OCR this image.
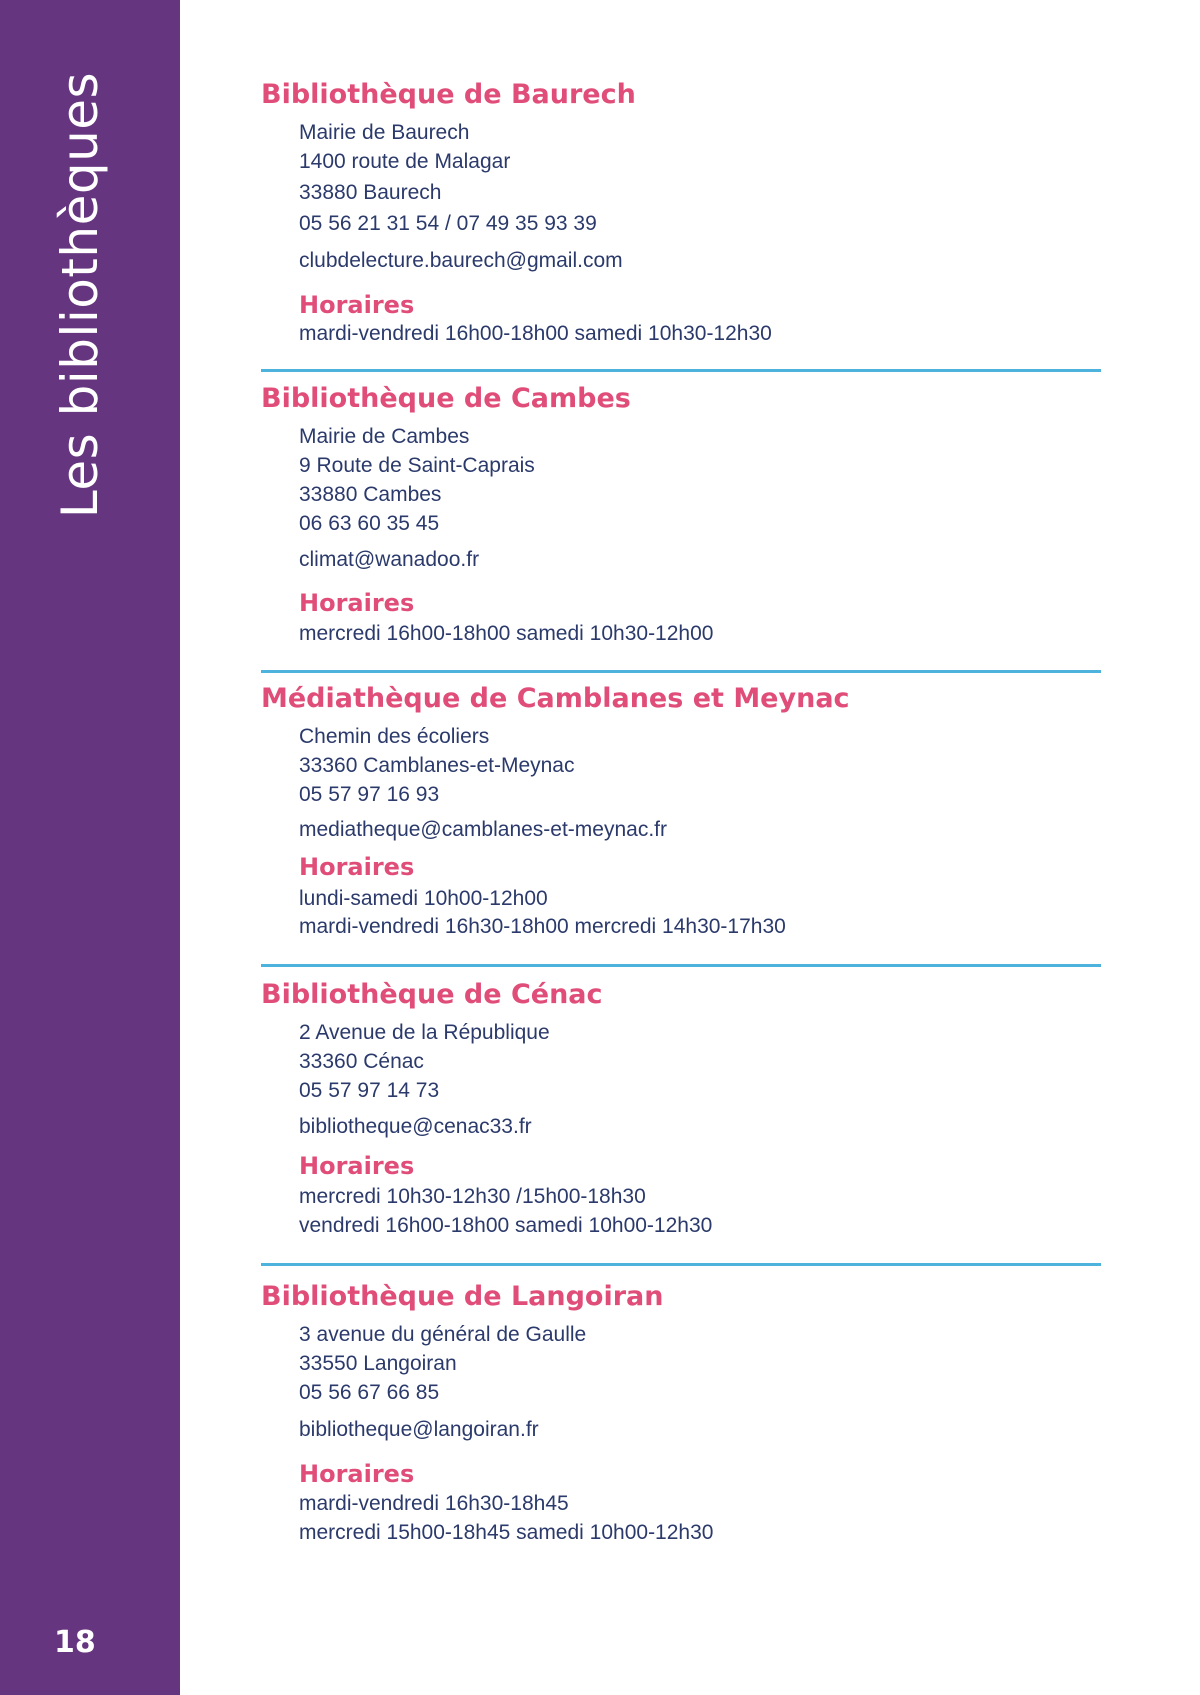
Les bibliothèques
18
Bibliothèque de Baurech
Mairie de Baurech
1400 route de Malagar
33880 Baurech
05 56 21 31 54 / 07 49 35 93 39
clubdelecture.baurech@gmail.com
Horaires
mardi-vendredi 16h00-18h00 samedi 10h30-12h30
Bibliothèque de Cambes
Mairie de Cambes
9 Route de Saint-Caprais
33880 Cambes
06 63 60 35 45
climat@wanadoo.fr
Horaires
mercredi 16h00-18h00 samedi 10h30-12h00
Médiathèque de Camblanes et Meynac
Chemin des écoliers
33360 Camblanes-et-Meynac
05 57 97 16 93
mediatheque@camblanes-et-meynac.fr
Horaires
lundi-samedi 10h00-12h00
mardi-vendredi 16h30-18h00 mercredi 14h30-17h30
Bibliothèque de Cénac
2 Avenue de la République
33360 Cénac
05 57 97 14 73
bibliotheque@cenac33.fr
Horaires
mercredi 10h30-12h30 /15h00-18h30
vendredi 16h00-18h00 samedi 10h00-12h30
Bibliothèque de Langoiran
3 avenue du général de Gaulle
33550 Langoiran
05 56 67 66 85
bibliotheque@langoiran.fr
Horaires
mardi-vendredi 16h30-18h45
mercredi 15h00-18h45 samedi 10h00-12h30
